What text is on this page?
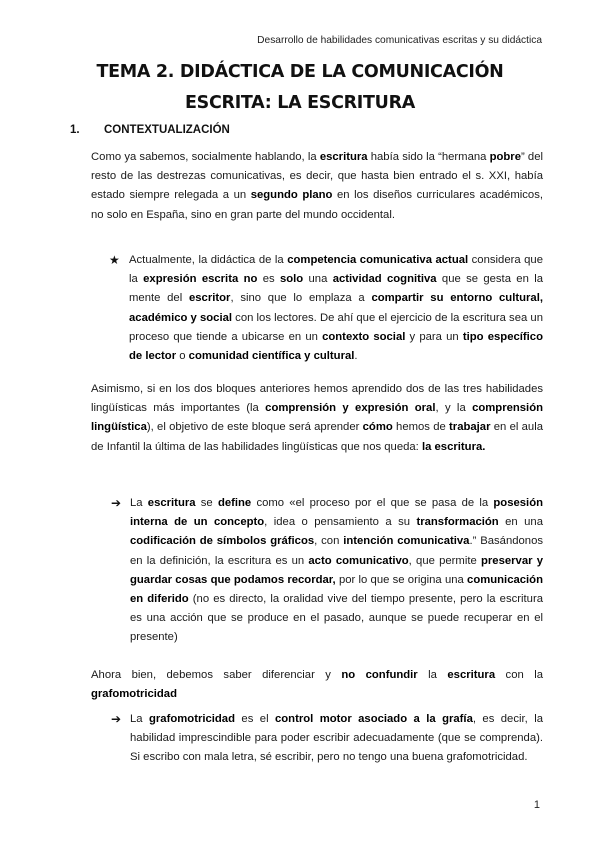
Desarrollo de habilidades comunicativas escritas y su didáctica
TEMA 2. DIDÁCTICA DE LA COMUNICACIÓN
ESCRITA: LA ESCRITURA
1. CONTEXTUALIZACIÓN
Como ya sabemos, socialmente hablando, la escritura había sido la “hermana pobre” del resto de las destrezas comunicativas, es decir, que hasta bien entrado el s. XXI, había estado siempre relegada a un segundo plano en los diseños curriculares académicos, no solo en España, sino en gran parte del mundo occidental.
★ Actualmente, la didáctica de la competencia comunicativa actual considera que la expresión escrita no es solo una actividad cognitiva que se gesta en la mente del escritor, sino que lo emplaza a compartir su entorno cultural, académico y social con los lectores. De ahí que el ejercicio de la escritura sea un proceso que tiende a ubicarse en un contexto social y para un tipo específico de lector o comunidad científica y cultural.
Asimismo, si en los dos bloques anteriores hemos aprendido dos de las tres habilidades lingüísticas más importantes (la comprensión y expresión oral, y la comprensión lingüística), el objetivo de este bloque será aprender cómo hemos de trabajar en el aula de Infantil la última de las habilidades lingüísticas que nos queda: la escritura.
➔ La escritura se define como «el proceso por el que se pasa de la posesión interna de un concepto, idea o pensamiento a su transformación en una codificación de símbolos gráficos, con intención comunicativa.” Basándonos en la definición, la escritura es un acto comunicativo, que permite preservar y guardar cosas que podamos recordar, por lo que se origina una comunicación en diferido (no es directo, la oralidad vive del tiempo presente, pero la escritura es una acción que se produce en el pasado, aunque se puede recuperar en el presente)
Ahora bien, debemos saber diferenciar y no confundir la escritura con la grafomotricidad
➔ La grafomotricidad es el control motor asociado a la grafía, es decir, la habilidad imprescindible para poder escribir adecuadamente (que se comprenda). Si escribo con mala letra, sé escribir, pero no tengo una buena grafomotricidad.
1
